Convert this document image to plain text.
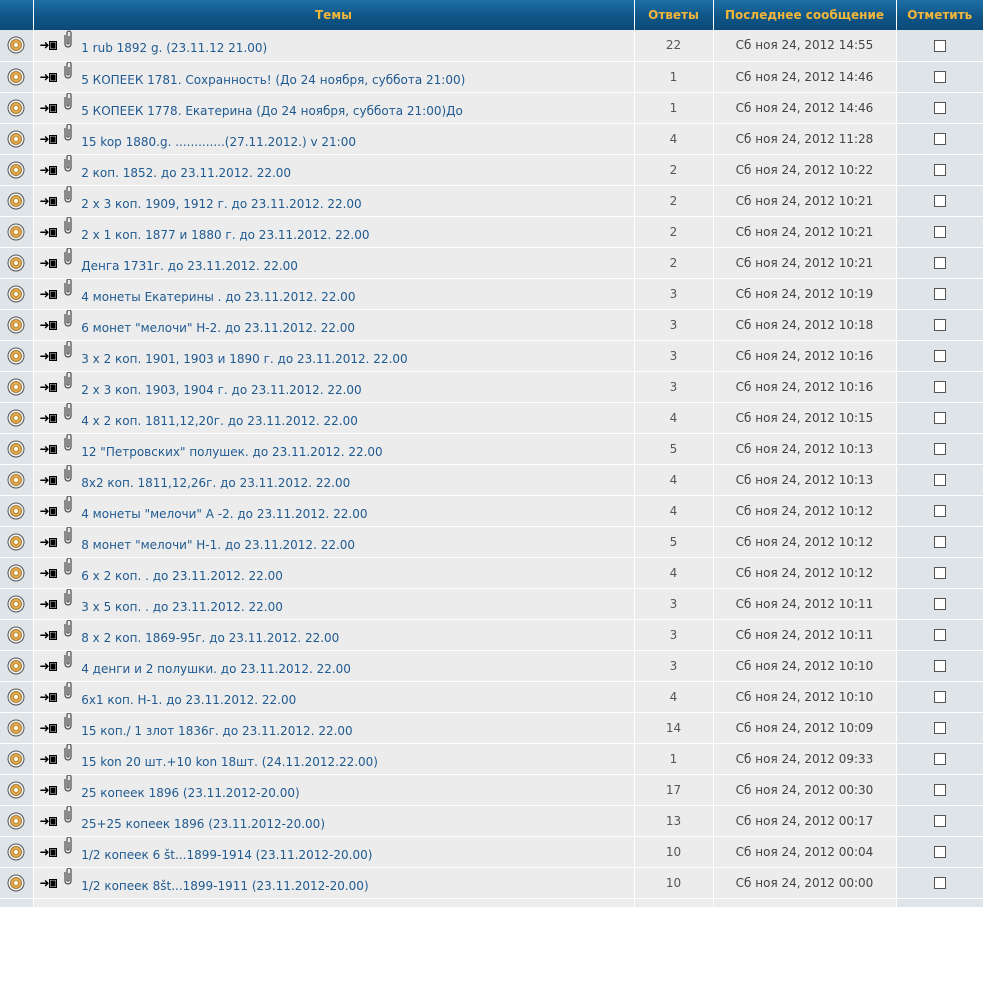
	Темы	Ответы	Последнее сообщение	Отметить
	➜ 1 rub 1892 g. (23.11.12 21.00)	22	Сб ноя 24, 2012 14:55	
	➜ 5 КОПЕЕК 1781. Сохранность! (До 24 ноября, суббота 21:00)	1	Сб ноя 24, 2012 14:46	
	➜ 5 КОПЕЕК 1778. Екатерина (До 24 ноября, суббота 21:00)До	1	Сб ноя 24, 2012 14:46	
	➜ 15 kop 1880.g. .............(27.11.2012.) v 21:00	4	Сб ноя 24, 2012 11:28	
	➜ 2 коп. 1852. до 23.11.2012. 22.00	2	Сб ноя 24, 2012 10:22	
	➜ 2 x 3 коп. 1909, 1912 г. до 23.11.2012. 22.00	2	Сб ноя 24, 2012 10:21	
	➜ 2 x 1 коп. 1877 и 1880 г. до 23.11.2012. 22.00	2	Сб ноя 24, 2012 10:21	
	➜ Денга 1731г. до 23.11.2012. 22.00	2	Сб ноя 24, 2012 10:21	
	➜ 4 монеты Екатерины . до 23.11.2012. 22.00	3	Сб ноя 24, 2012 10:19	
	➜ 6 монет "мелочи" Н-2. до 23.11.2012. 22.00	3	Сб ноя 24, 2012 10:18	
	➜ 3 x 2 коп. 1901, 1903 и 1890 г. до 23.11.2012. 22.00	3	Сб ноя 24, 2012 10:16	
	➜ 2 x 3 коп. 1903, 1904 г. до 23.11.2012. 22.00	3	Сб ноя 24, 2012 10:16	
	➜ 4 x 2 коп. 1811,12,20г. до 23.11.2012. 22.00	4	Сб ноя 24, 2012 10:15	
	➜ 12 "Петровских" полушек. до 23.11.2012. 22.00	5	Сб ноя 24, 2012 10:13	
	➜ 8х2 коп. 1811,12,26г. до 23.11.2012. 22.00	4	Сб ноя 24, 2012 10:13	
	➜ 4 монеты "мелочи" А -2. до 23.11.2012. 22.00	4	Сб ноя 24, 2012 10:12	
	➜ 8 монет "мелочи" Н-1. до 23.11.2012. 22.00	5	Сб ноя 24, 2012 10:12	
	➜ 6 x 2 коп. . до 23.11.2012. 22.00	4	Сб ноя 24, 2012 10:12	
	➜ 3 x 5 коп. . до 23.11.2012. 22.00	3	Сб ноя 24, 2012 10:11	
	➜ 8 x 2 коп. 1869-95г. до 23.11.2012. 22.00	3	Сб ноя 24, 2012 10:11	
	➜ 4 денги и 2 полушки. до 23.11.2012. 22.00	3	Сб ноя 24, 2012 10:10	
	➜ 6х1 коп. Н-1. до 23.11.2012. 22.00	4	Сб ноя 24, 2012 10:10	
	➜ 15 коп./ 1 злот 1836г. до 23.11.2012. 22.00	14	Сб ноя 24, 2012 10:09	
	➜ 15 kon 20 шт.+10 kon 18шт. (24.11.2012.22.00)	1	Сб ноя 24, 2012 09:33	
	➜ 25 копеек 1896 (23.11.2012-20.00)	17	Сб ноя 24, 2012 00:30	
	➜ 25+25 копеек 1896 (23.11.2012-20.00)	13	Сб ноя 24, 2012 00:17	
	➜ 1/2 копеек 6 št...1899-1914 (23.11.2012-20.00)	10	Сб ноя 24, 2012 00:04	
	➜ 1/2 копеек 8št...1899-1911 (23.11.2012-20.00)	10	Сб ноя 24, 2012 00:00	
